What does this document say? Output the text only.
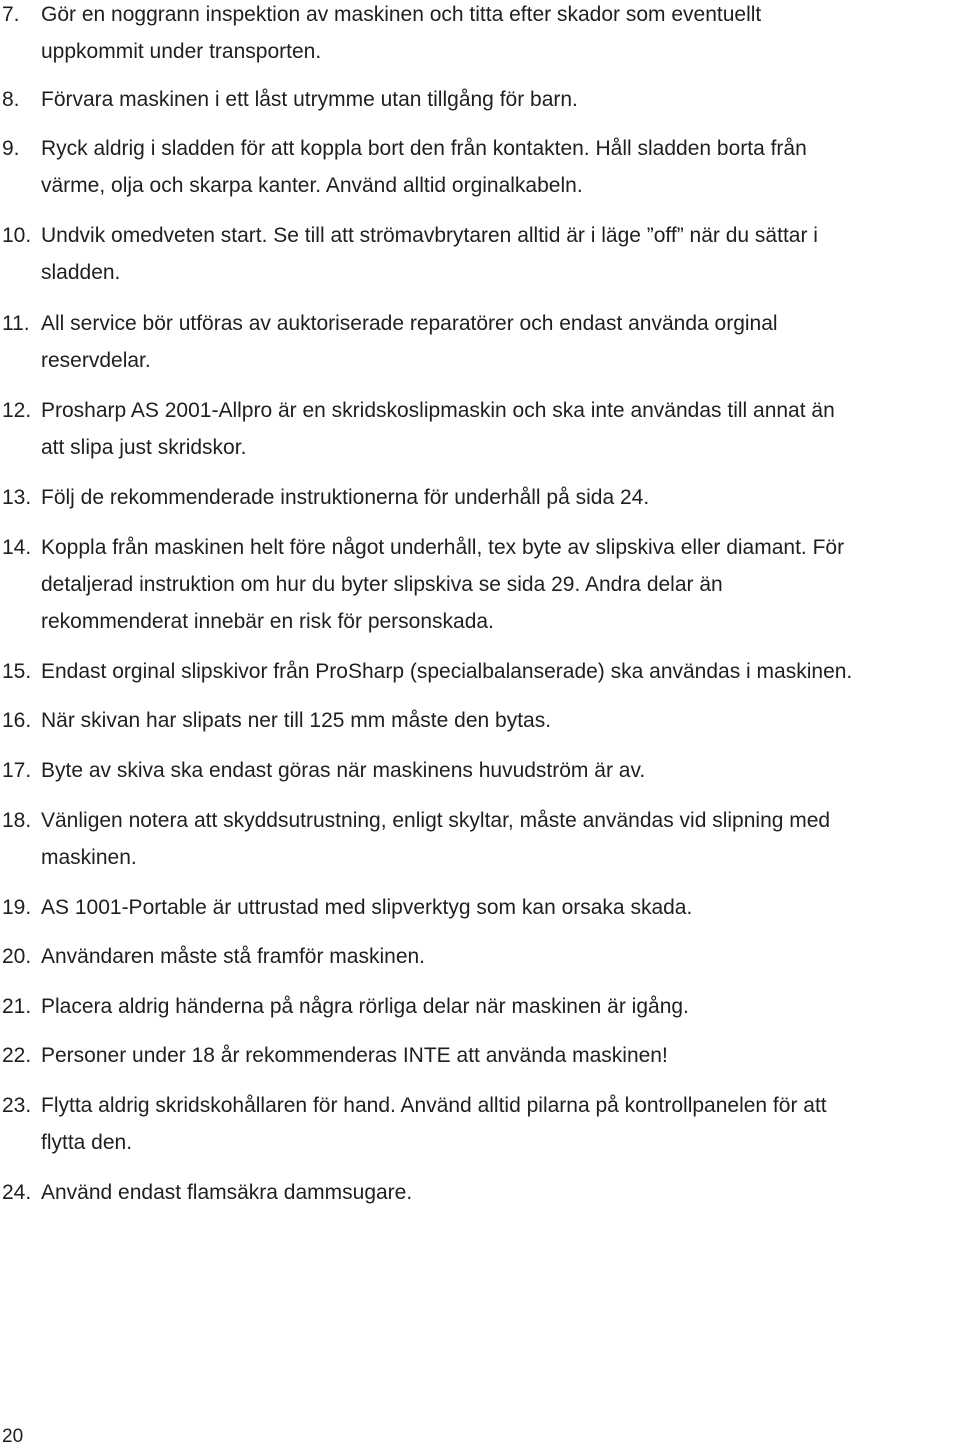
7. Gör en noggrann inspektion av maskinen och titta efter skador som eventuellt
uppkommit under transporten.
8. Förvara maskinen i ett låst utrymme utan tillgång för barn.
9. Ryck aldrig i sladden för att koppla bort den från kontakten. Håll sladden borta från
värme, olja och skarpa kanter. Använd alltid orginalkabeln.
10. Undvik omedveten start. Se till att strömavbrytaren alltid är i läge ”off” när du sättar i
sladden.
11. All service bör utföras av auktoriserade reparatörer och endast använda orginal
reservdelar.
12. Prosharp AS 2001-Allpro är en skridskoslipmaskin och ska inte användas till annat än
att slipa just skridskor.
13. Följ de rekommenderade instruktionerna för underhåll på sida 24.
14. Koppla från maskinen helt före något underhåll, tex byte av slipskiva eller diamant. För
detaljerad instruktion om hur du byter slipskiva se sida 29. Andra delar än
rekommenderat innebär en risk för personskada.
15. Endast orginal slipskivor från ProSharp (specialbalanserade) ska användas i maskinen.
16. När skivan har slipats ner till 125 mm måste den bytas.
17. Byte av skiva ska endast göras när maskinens huvudström är av.
18. Vänligen notera att skyddsutrustning, enligt skyltar, måste användas vid slipning med
maskinen.
19. AS 1001-Portable är uttrustad med slipverktyg som kan orsaka skada.
20. Användaren måste stå framför maskinen.
21. Placera aldrig händerna på några rörliga delar när maskinen är igång.
22. Personer under 18 år rekommenderas INTE att använda maskinen!
23. Flytta aldrig skridskohållaren för hand. Använd alltid pilarna på kontrollpanelen för att
flytta den.
24. Använd endast flamsäkra dammsugare.
20
